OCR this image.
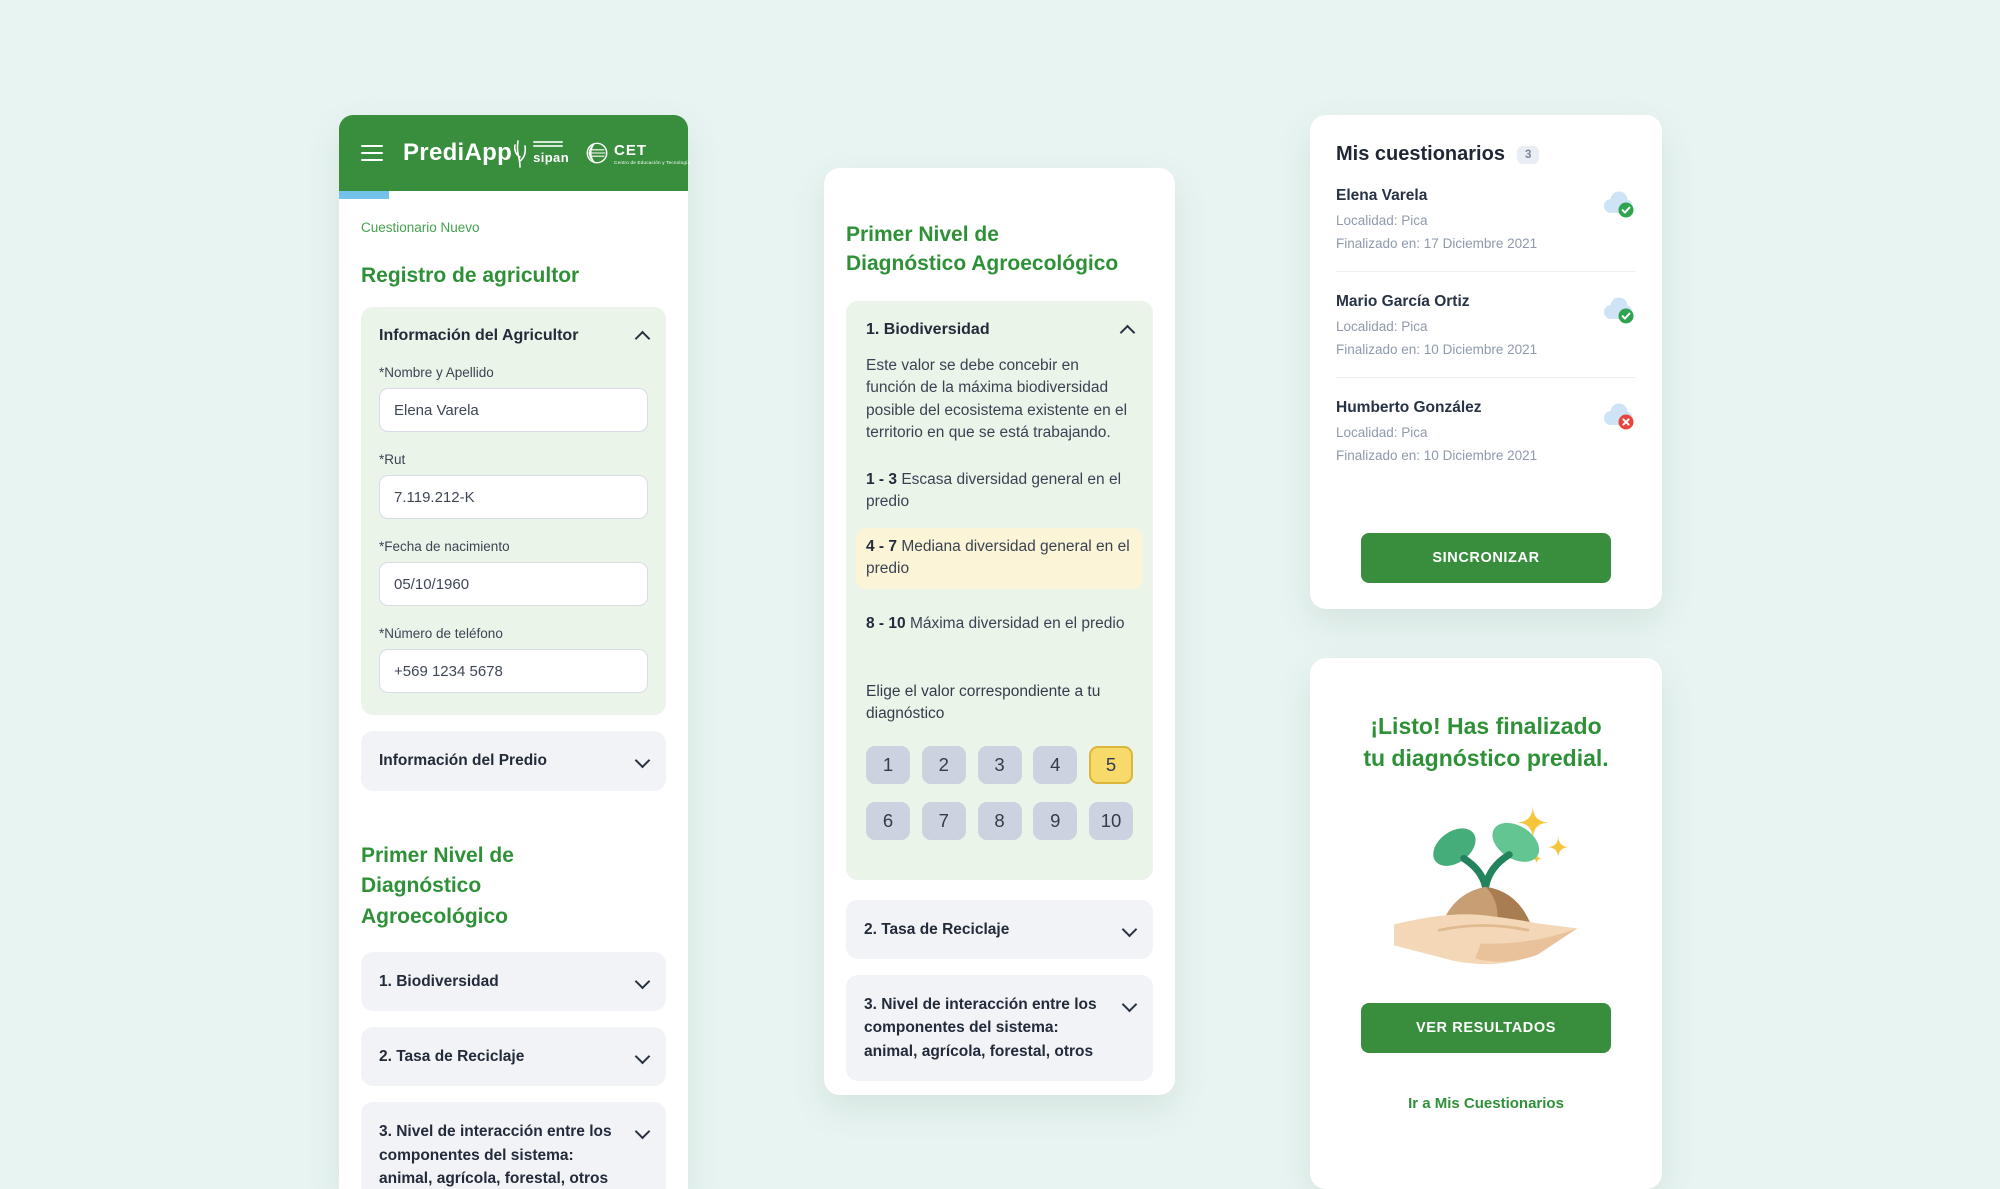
PrediApp sipan	CET
Centro de Educación y Tecnología
Cuestionario Nuevo
Registro de agricultor
Información del Agricultor
*Nombre y Apellido
Elena Varela
*Rut
7.119.212-K
*Fecha de nacimiento
05/10/1960
*Número de teléfono
+569 1234 5678
Información del Predio
Primer Nivel de Diagnóstico Agroecológico
1. Biodiversidad
2. Tasa de Reciclaje
3. Nivel de interacción entre los componentes del sistema: animal, agrícola, forestal, otros
Primer Nivel de Diagnóstico Agroecológico
1. Biodiversidad

Este valor se debe concebir en función de la máxima biodiversidad posible del ecosistema existente en el territorio en que se está trabajando.

1 - 3 Escasa diversidad general en el predio

4 - 7 Mediana diversidad general en el predio

8 - 10 Máxima diversidad en el predio

Elige el valor correspondiente a tu diagnóstico

1	2	3	4	5
6	7	8	9	10
2. Tasa de Reciclaje
3. Nivel de interacción entre los componentes del sistema: animal, agrícola, forestal, otros
Mis cuestionarios	3
Elena Varela
Localidad: Pica
Finalizado en: 17 Diciembre 2021
Mario García Ortiz
Localidad: Pica
Finalizado en: 10 Diciembre 2021
Humberto González
Localidad: Pica
Finalizado en: 10 Diciembre 2021
SINCRONIZAR
¡Listo! Has finalizado
tu diagnóstico predial.
VER RESULTADOS
Ir a Mis Cuestionarios
